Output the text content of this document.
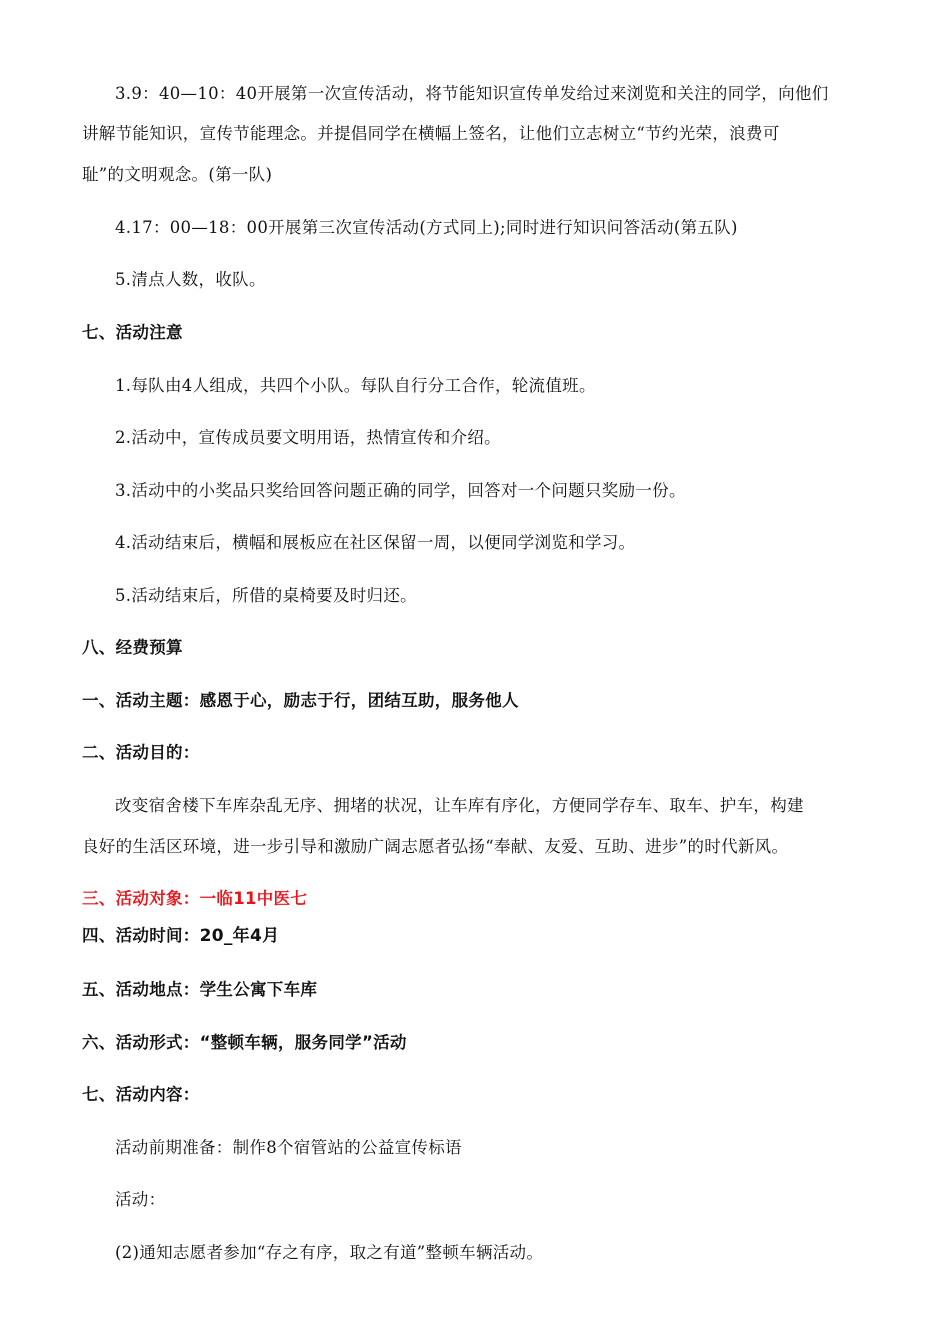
3.9：40—10：40开展第一次宣传活动，将节能知识宣传单发给过来浏览和关注的同学，向他们
讲解节能知识，宣传节能理念。并提倡同学在横幅上签名，让他们立志树立“节约光荣，浪费可
耻”的文明观念。(第一队)
4.17：00—18：00开展第三次宣传活动(方式同上);同时进行知识问答活动(第五队)
5.清点人数，收队。
七、活动注意
1.每队由4人组成，共四个小队。每队自行分工合作，轮流值班。
2.活动中，宣传成员要文明用语，热情宣传和介绍。
3.活动中的小奖品只奖给回答问题正确的同学，回答对一个问题只奖励一份。
4.活动结束后，横幅和展板应在社区保留一周，以便同学浏览和学习。
5.活动结束后，所借的桌椅要及时归还。
八、经费预算
一、活动主题：感恩于心，励志于行，团结互助，服务他人
二、活动目的：
改变宿舍楼下车库杂乱无序、拥堵的状况，让车库有序化，方便同学存车、取车、护车，构建
良好的生活区环境，进一步引导和激励广阔志愿者弘扬“奉献、友爱、互助、进步”的时代新风。
三、活动对象：一临11中医七
四、活动时间：20_年4月
五、活动地点：学生公寓下车库
六、活动形式：“整顿车辆，服务同学”活动
七、活动内容：
活动前期准备：制作8个宿管站的公益宣传标语
活动：
(2)通知志愿者参加“存之有序，取之有道”整顿车辆活动。
